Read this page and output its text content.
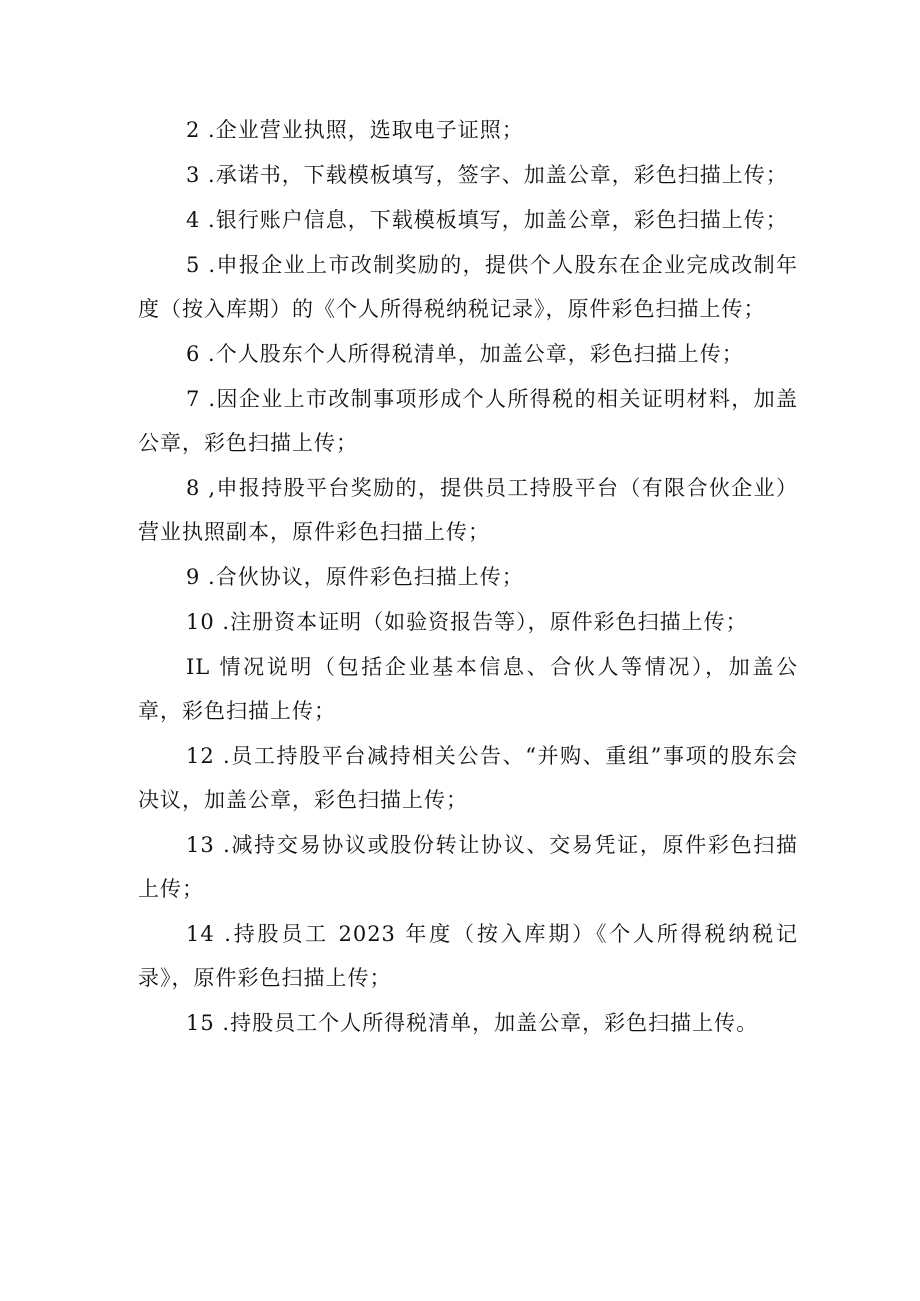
2 .企业营业执照，选取电子证照；

3 .承诺书，下载模板填写，签字、加盖公章，彩色扫描上传；

4 .银行账户信息，下载模板填写，加盖公章，彩色扫描上传；

5 .申报企业上市改制奖励的，提供个人股东在企业完成改制年度（按入库期）的《个人所得税纳税记录》，原件彩色扫描上传；

6 .个人股东个人所得税清单，加盖公章，彩色扫描上传；

7 .因企业上市改制事项形成个人所得税的相关证明材料，加盖公章，彩色扫描上传；

8 ,申报持股平台奖励的，提供员工持股平台（有限合伙企业）营业执照副本，原件彩色扫描上传；

9 .合伙协议，原件彩色扫描上传；

10 .注册资本证明（如验资报告等），原件彩色扫描上传；

IL 情况说明（包括企业基本信息、合伙人等情况），加盖公章，彩色扫描上传；

12 .员工持股平台减持相关公告、“并购、重组”事项的股东会决议，加盖公章，彩色扫描上传；

13 .减持交易协议或股份转让协议、交易凭证，原件彩色扫描上传；

14 .持股员工 2023 年度（按入库期）《个人所得税纳税记录》，原件彩色扫描上传；

15 .持股员工个人所得税清单，加盖公章，彩色扫描上传。
